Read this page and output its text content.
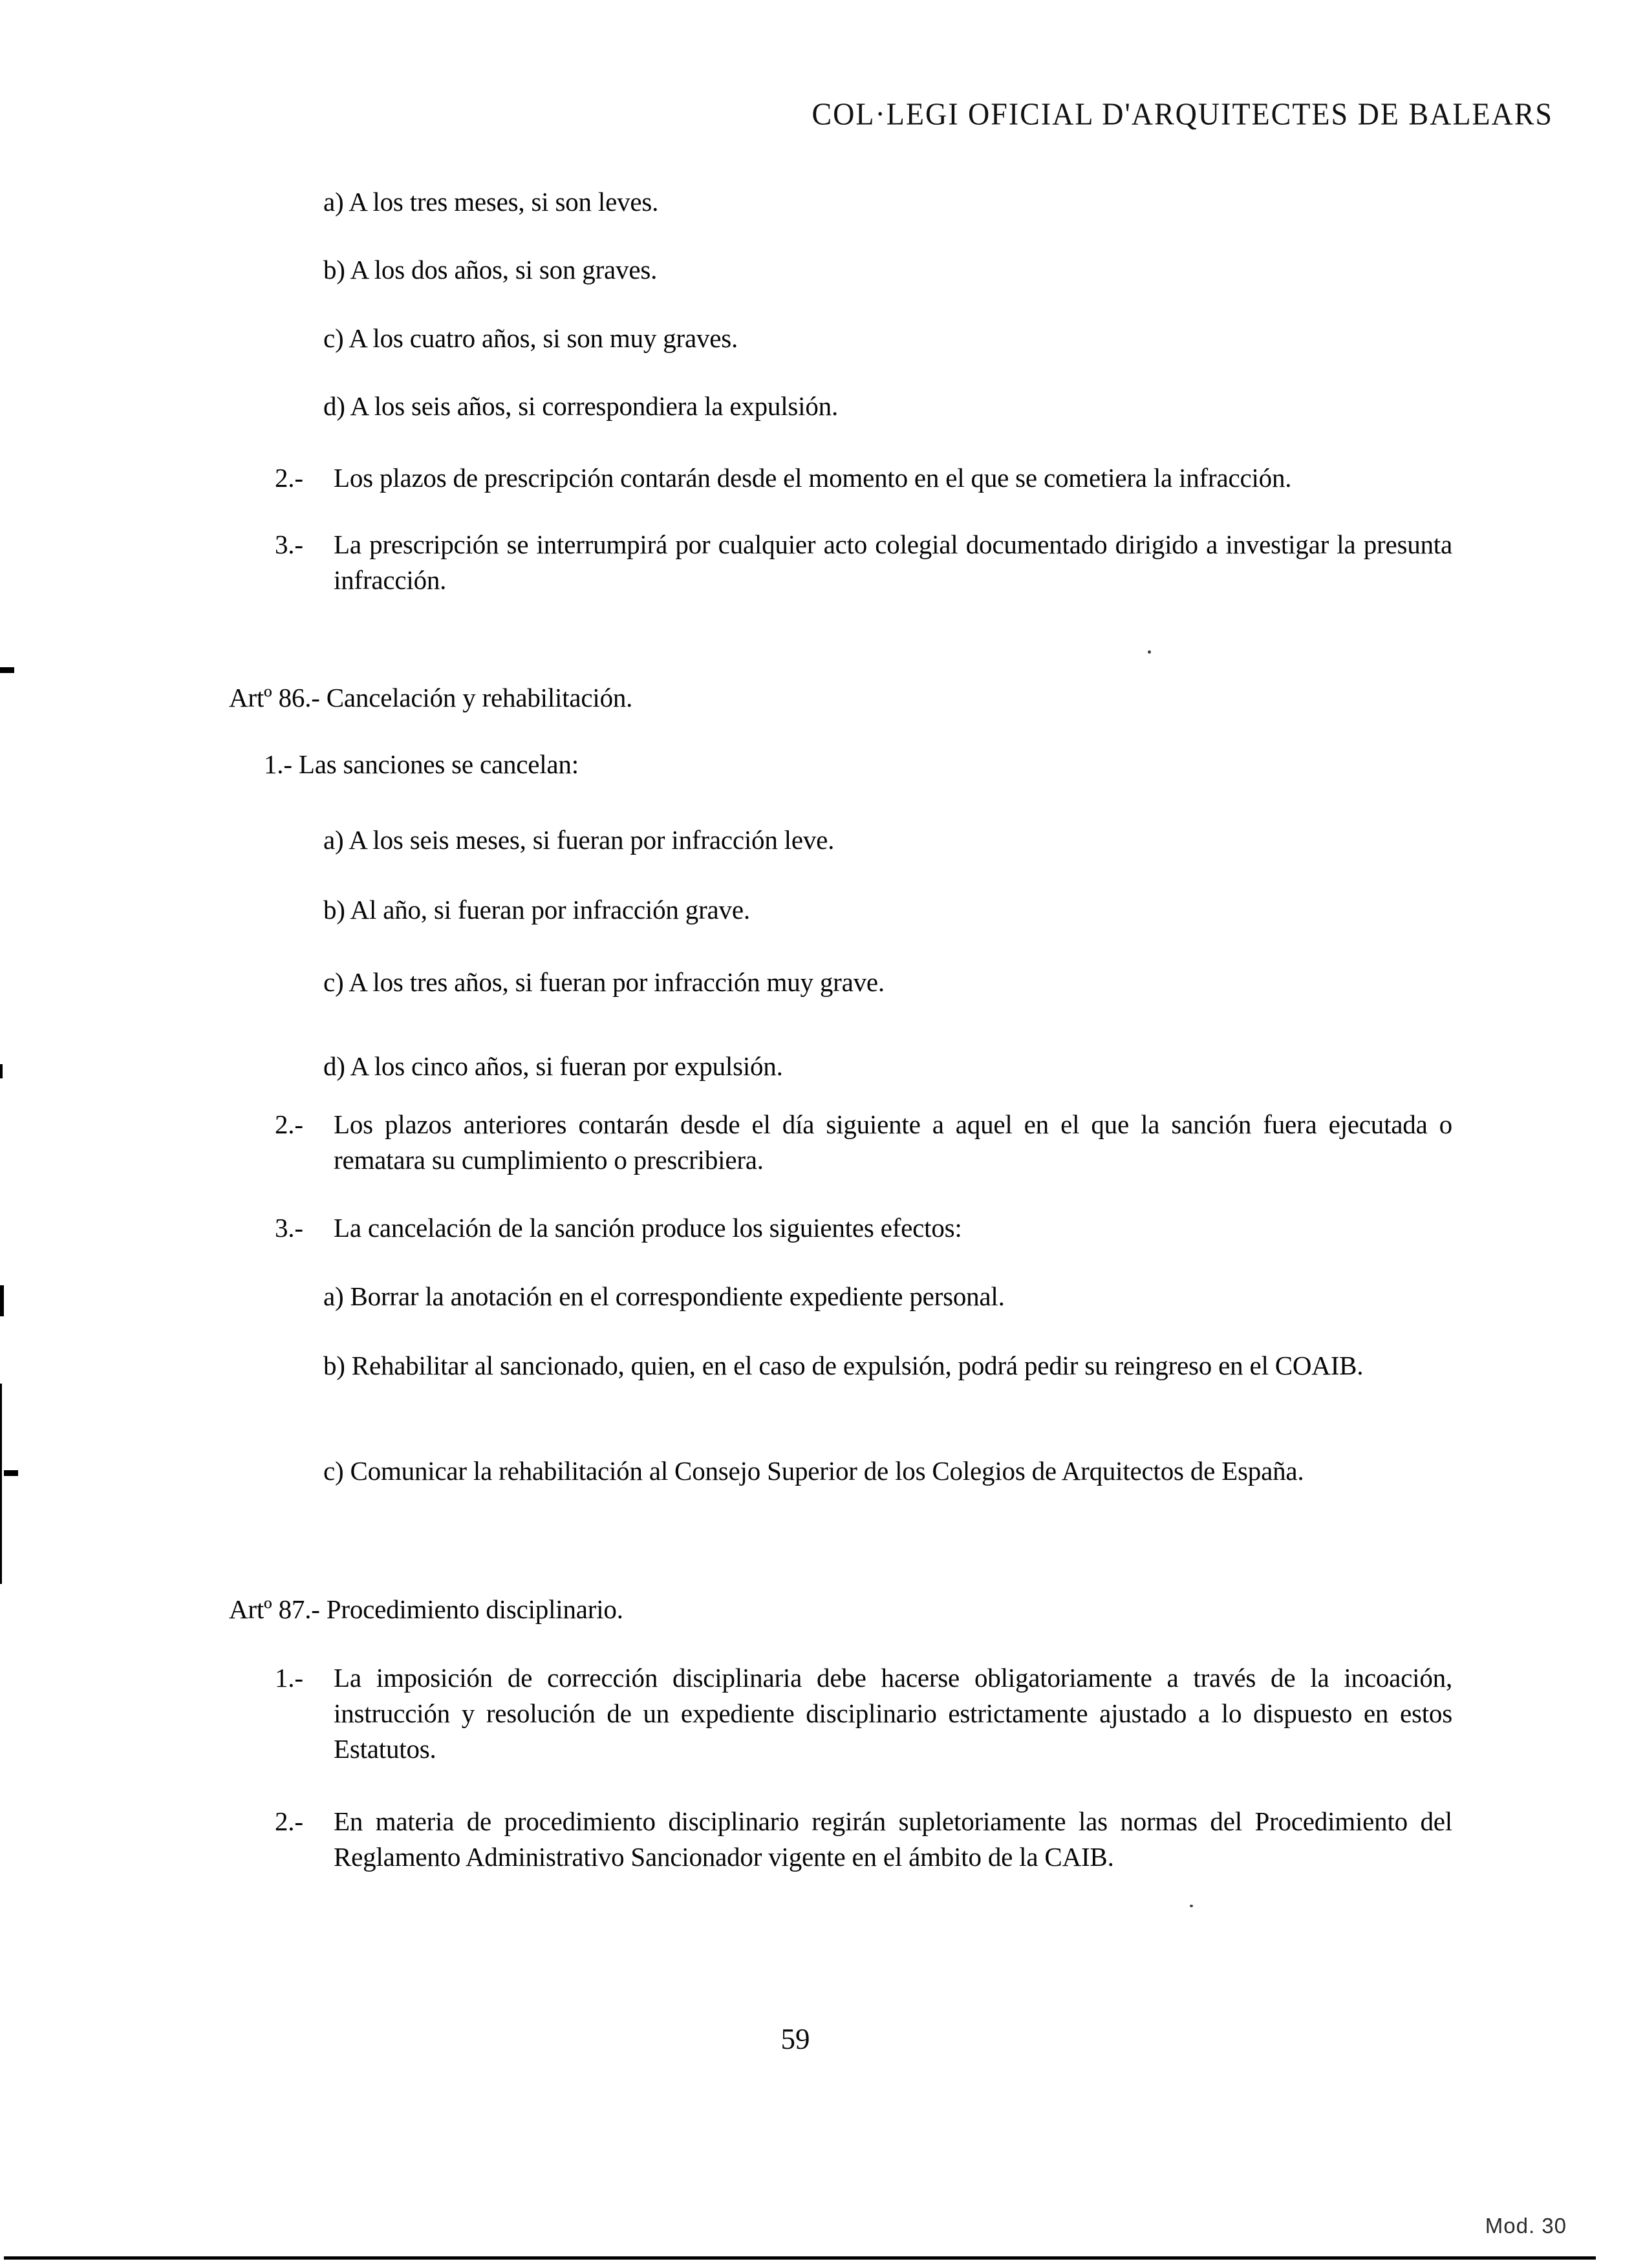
COL·LEGI OFICIAL D'ARQUITECTES DE BALEARS
a) A los tres meses, si son leves.
b) A los dos años, si son graves.
c) A los cuatro años, si son muy graves.
d) A los seis años, si correspondiera la expulsión.
2.- Los plazos de prescripción contarán desde el momento en el que se cometiera la infracción.
3.- La prescripción se interrumpirá por cualquier acto colegial documentado dirigido a investigar la presunta infracción.
Artº 86.- Cancelación y rehabilitación.
1.- Las sanciones se cancelan:
a) A los seis meses, si fueran por infracción leve.
b) Al año, si fueran por infracción grave.
c) A los tres años, si fueran por infracción muy grave.
d) A los cinco años, si fueran por expulsión.
2.- Los plazos anteriores contarán desde el día siguiente a aquel en el que la sanción fuera ejecutada o rematara su cumplimiento o prescribiera.
3.- La cancelación de la sanción produce los siguientes efectos:
a) Borrar la anotación en el correspondiente expediente personal.
b) Rehabilitar al sancionado, quien, en el caso de expulsión, podrá pedir su reingreso en el COAIB.
c) Comunicar la rehabilitación al Consejo Superior de los Colegios de Arquitectos de España.
Artº 87.- Procedimiento disciplinario.
1.- La imposición de corrección disciplinaria debe hacerse obligatoriamente a través de la incoación, instrucción y resolución de un expediente disciplinario estrictamente ajustado a lo dispuesto en estos Estatutos.
2.- En materia de procedimiento disciplinario regirán supletoriamente las normas del Procedimiento del Reglamento Administrativo Sancionador vigente en el ámbito de la CAIB.
59
Mod. 30
